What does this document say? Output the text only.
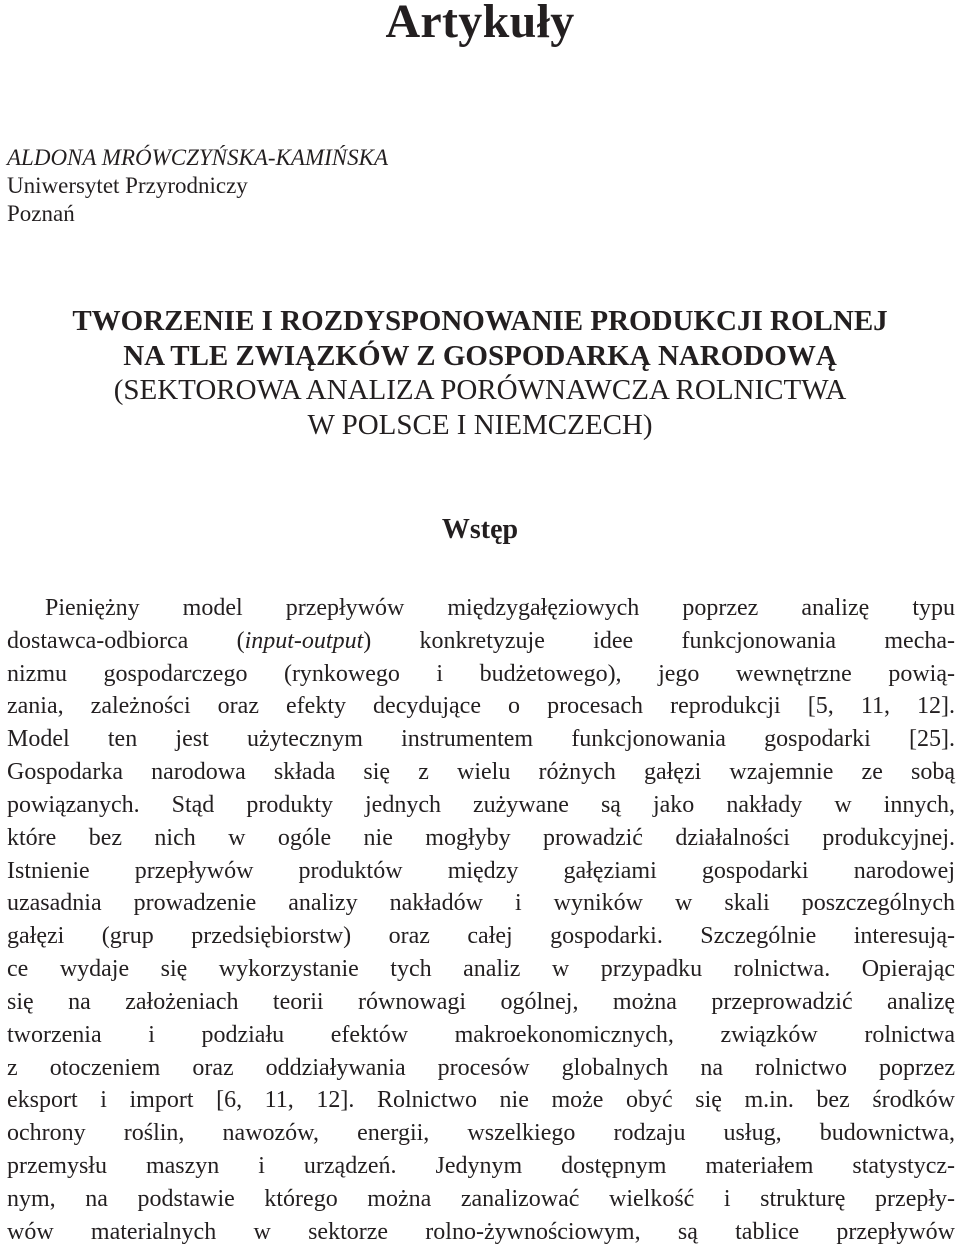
Artykuły
ALDONA MRÓWCZYŃSKA-KAMIŃSKA
Uniwersytet Przyrodniczy
Poznań
TWORZENIE I ROZDYSPONOWANIE PRODUKCJI ROLNEJ
NA TLE ZWIĄZKÓW Z GOSPODARKĄ NARODOWĄ
(SEKTOROWA ANALIZA PORÓWNAWCZA ROLNICTWA
W POLSCE I NIEMCZECH)
Wstęp
Pieniężny model przepływów międzygałęziowych poprzez analizę typu
dostawca-odbiorca (input-output) konkretyzuje idee funkcjonowania mecha-
nizmu gospodarczego (rynkowego i budżetowego), jego wewnętrzne powią-
zania, zależności oraz efekty decydujące o procesach reprodukcji [5, 11, 12].
Model ten jest użytecznym instrumentem funkcjonowania gospodarki [25].
Gospodarka narodowa składa się z wielu różnych gałęzi wzajemnie ze sobą
powiązanych. Stąd produkty jednych zużywane są jako nakłady w innych,
które bez nich w ogóle nie mogłyby prowadzić działalności produkcyjnej.
Istnienie przepływów produktów między gałęziami gospodarki narodowej
uzasadnia prowadzenie analizy nakładów i wyników w skali poszczególnych
gałęzi (grup przedsiębiorstw) oraz całej gospodarki. Szczególnie interesują-
ce wydaje się wykorzystanie tych analiz w przypadku rolnictwa. Opierając
się na założeniach teorii równowagi ogólnej, można przeprowadzić analizę
tworzenia i podziału efektów makroekonomicznych, związków rolnictwa
z otoczeniem oraz oddziaływania procesów globalnych na rolnictwo poprzez
eksport i import [6, 11, 12]. Rolnictwo nie może obyć się m.in. bez środków
ochrony roślin, nawozów, energii, wszelkiego rodzaju usług, budownictwa,
przemysłu maszyn i urządzeń. Jedynym dostępnym materiałem statystycz-
nym, na podstawie którego można zanalizować wielkość i strukturę przepły-
wów materialnych w sektorze rolno-żywnościowym, są tablice przepływów
